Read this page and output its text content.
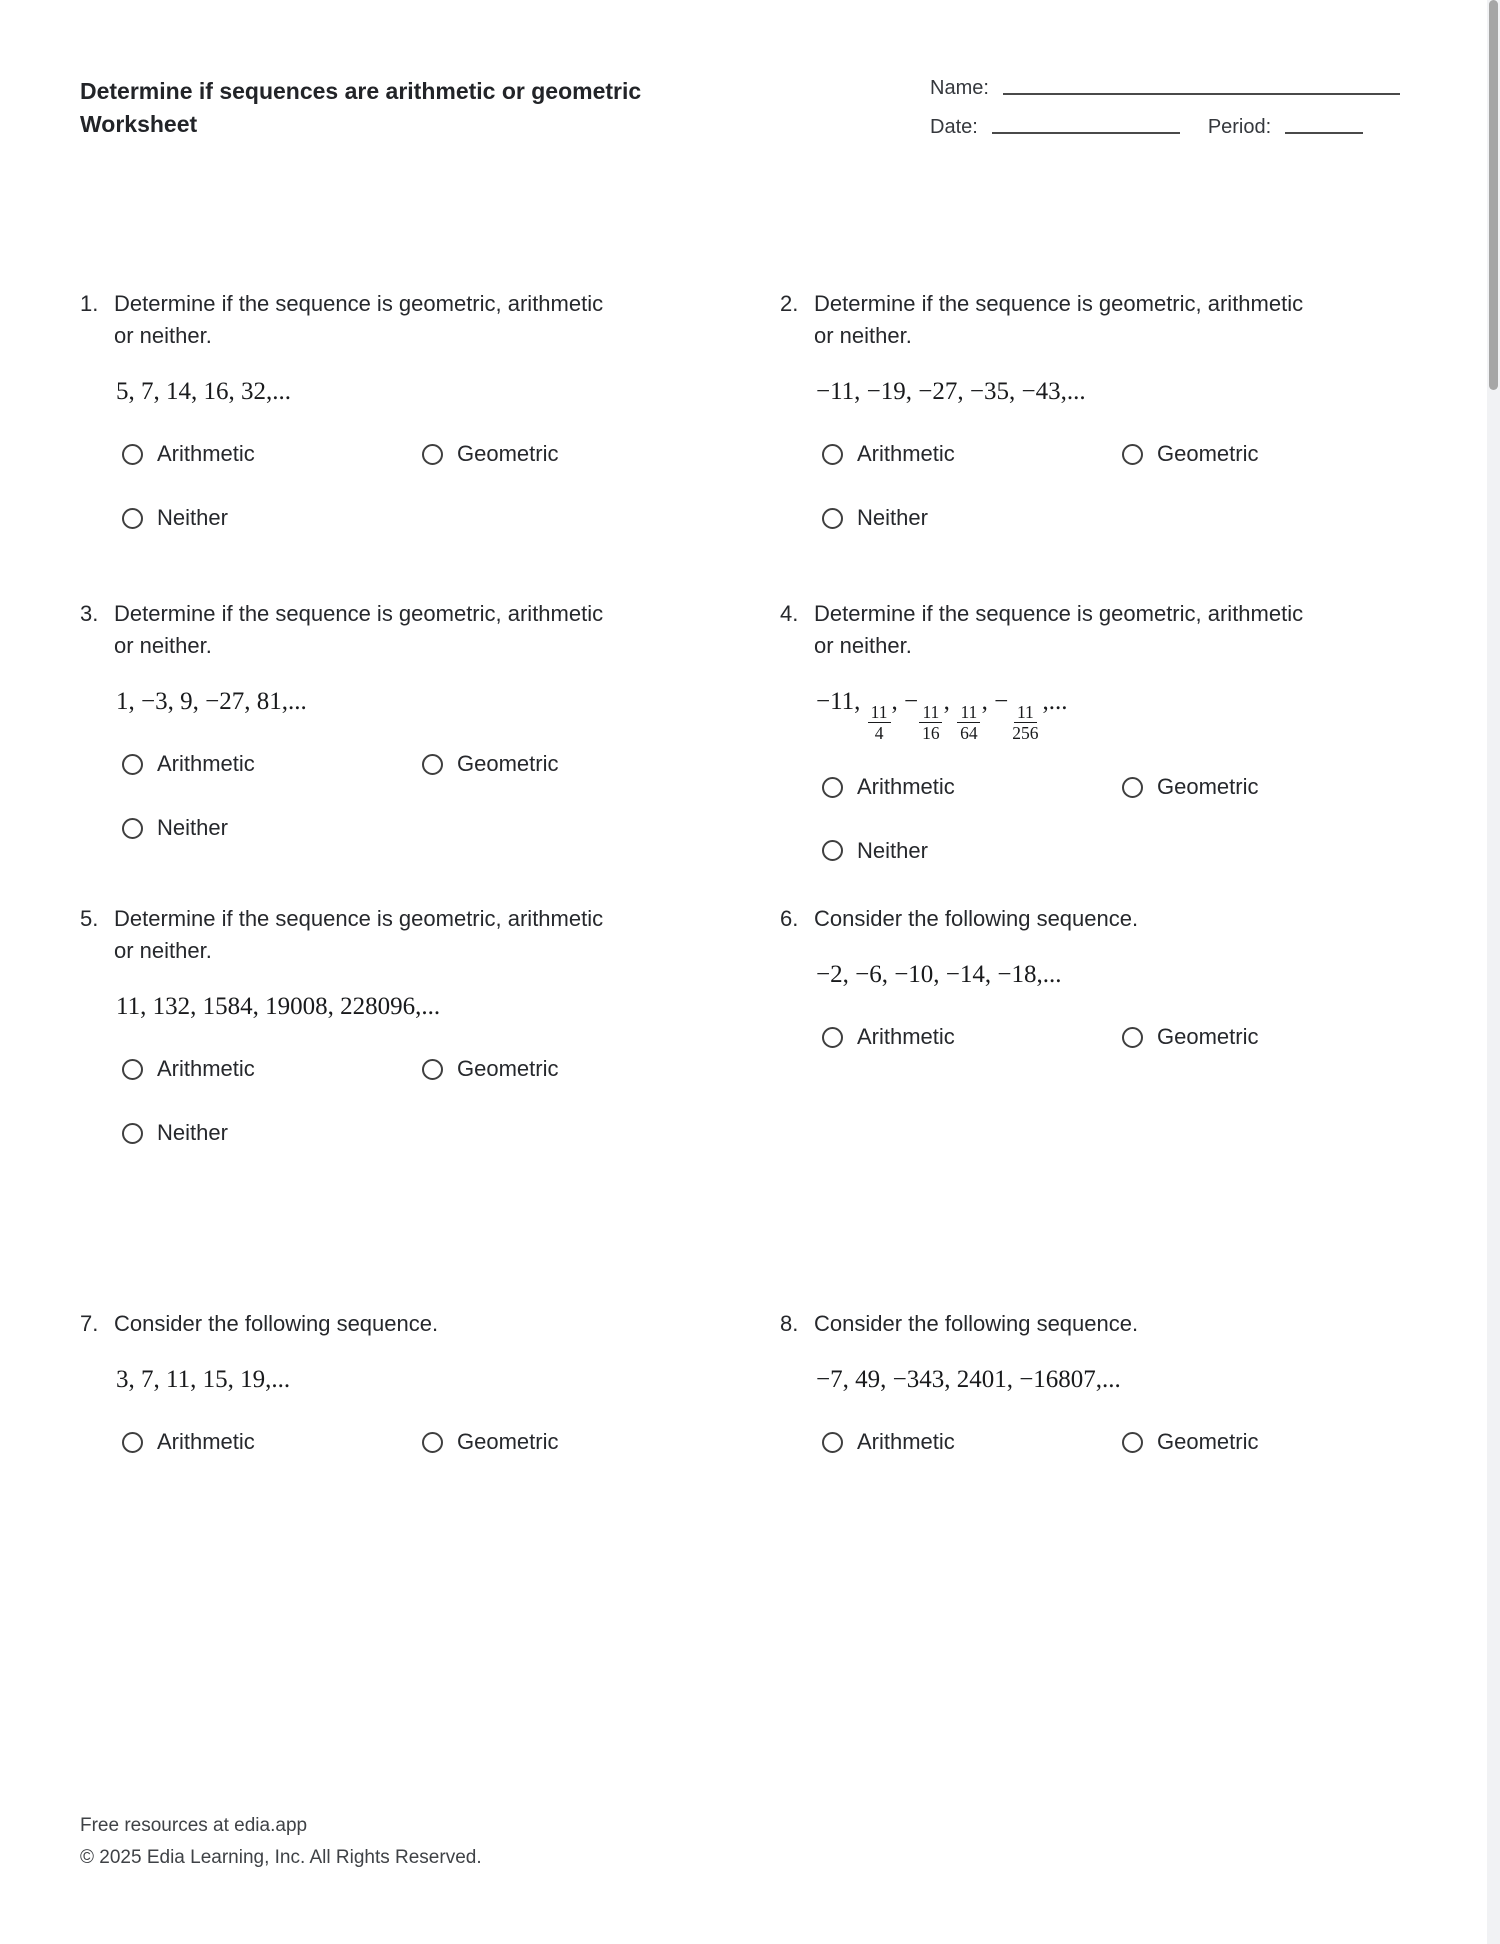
Determine if sequences are arithmetic or geometric Worksheet
Name:
Date:	Period:
1. Determine if the sequence is geometric, arithmetic or neither.
5, 7, 14, 16, 32,...
Arithmetic	Geometric
Neither
2. Determine if the sequence is geometric, arithmetic or neither.
−11, −19, −27, −35, −43,...
Arithmetic	Geometric
Neither
3. Determine if the sequence is geometric, arithmetic or neither.
1, −3, 9, −27, 81,...
Arithmetic	Geometric
Neither
4. Determine if the sequence is geometric, arithmetic or neither.
−11,
$\frac{11}{4}$
, −
$\frac{11}{16}$
,
$\frac{11}{64}$
, −
$\frac{11}{256}$
,...
Arithmetic	Geometric
Neither
5. Determine if the sequence is geometric, arithmetic or neither.
11, 132, 1584, 19008, 228096,...
Arithmetic	Geometric
Neither
6. Consider the following sequence.
−2, −6, −10, −14, −18,...
Arithmetic	Geometric
7. Consider the following sequence.
3, 7, 11, 15, 19,...
Arithmetic	Geometric
8. Consider the following sequence.
−7, 49, −343, 2401, −16807,...
Arithmetic	Geometric
Free resources at edia.app
© 2025 Edia Learning, Inc. All Rights Reserved.
